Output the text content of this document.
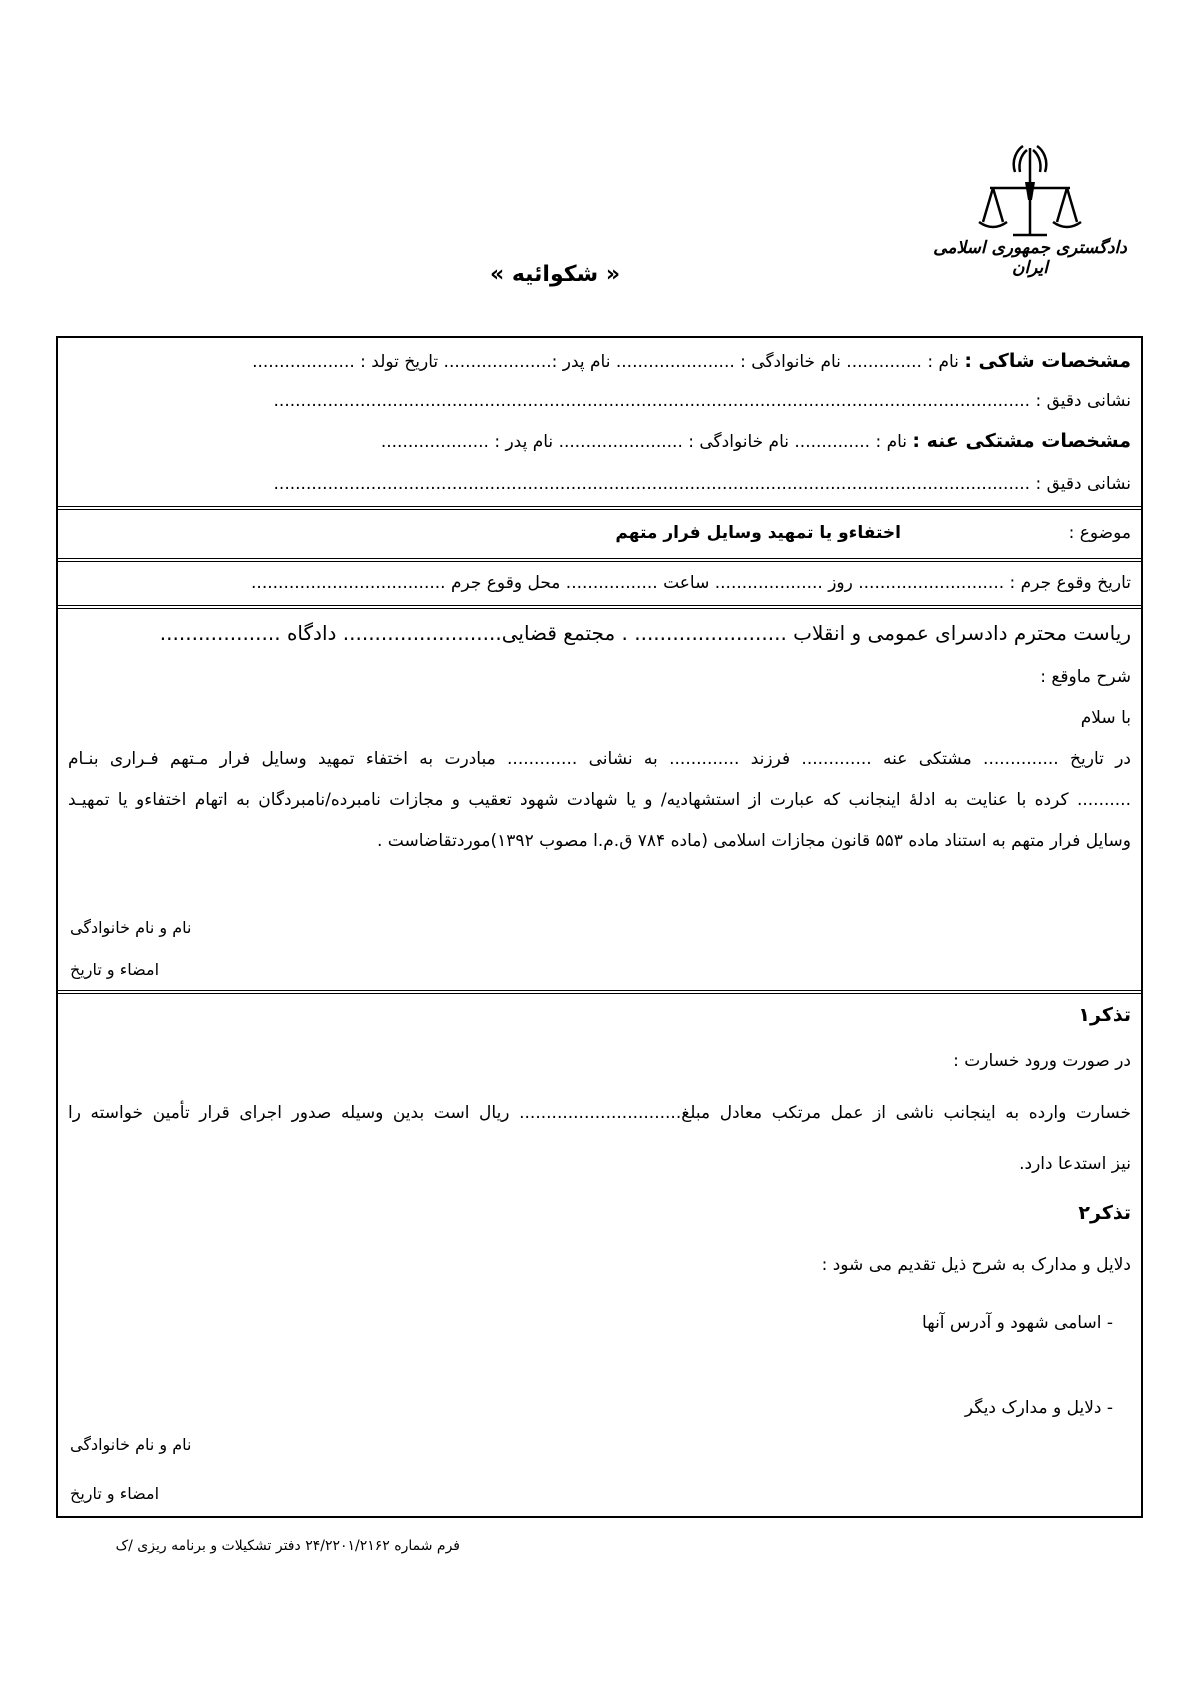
دادگستری جمهوری اسلامی ایران
« شکوائیه »
مشخصات شاکی : نام : .............. نام خانوادگی : ...................... نام پدر :.................... تاریخ تولد : ...................
نشانی دقیق : ............................................................................................................................................
مشخصات مشتکی عنه : نام : .............. نام خانوادگی : ....................... نام پدر : ....................
نشانی دقیق : ............................................................................................................................................
موضوع :
اختفاءو یا تمهید وسایل فرار متهم
تاریخ وقوع جرم : ........................... روز .................... ساعت ................. محل وقوع جرم ....................................
ریاست محترم دادسرای عمومی و انقلاب ........................ . مجتمع قضایی......................... دادگاه ...................
شرح ماوقع :
با سلام
در تاریخ .............. مشتکی عنه ............. فرزند ............. به نشانی ............. مبادرت به اختفاء تمهید وسایل فرار مـتهم فـراری بنـام
.......... کرده با عنایت به ادلهٔ اینجانب که عبارت از استشهادیه/ و یا شهادت شهود تعقیب و مجازات نامبرده/نامبردگان به اتهام اختفاءو یا تمهیـد
وسایل فرار متهم به استناد ماده ۵۵۳ قانون مجازات اسلامی (ماده ۷۸۴ ق.م.ا مصوب ۱۳۹۲)موردتقاضاست .
نام و نام خانوادگی
امضاء و تاریخ
تذکر۱
در صورت ورود خسارت :
خسارت وارده به اینجانب ناشی از عمل مرتکب معادل مبلغ.............................. ریال است بدین وسیله صدور اجرای قرار تأمین خواسته را
نیز استدعا دارد.
تذکر۲
دلایل و مدارک به شرح ذیل تقدیم می شود :
- اسامی شهود و آدرس آنها
- دلایل و مدارک دیگر
نام و نام خانوادگی
امضاء و تاریخ
فرم شماره ۲۴/۲۲۰۱/۲۱۶۲ دفتر تشکیلات و برنامه ریزی /ک
